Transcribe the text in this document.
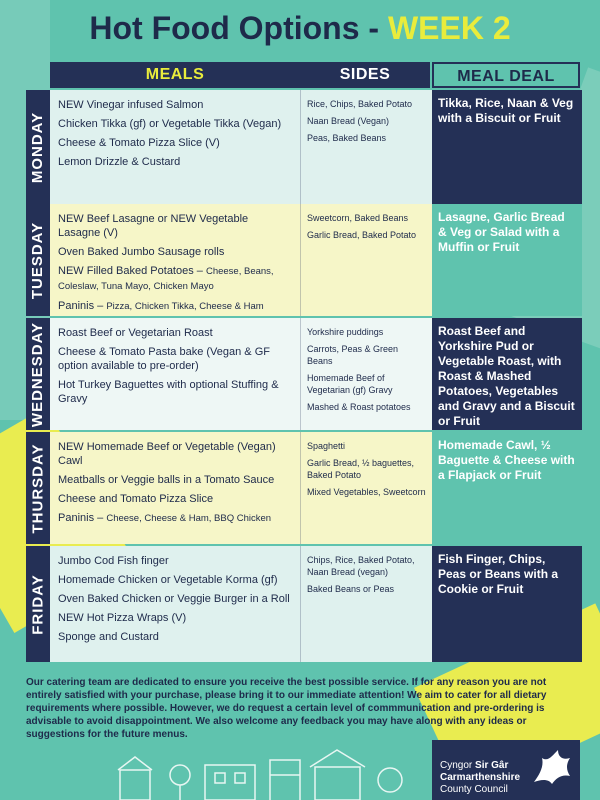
Hot Food Options - WEEK 2
MEALS	SIDES	MEAL DEAL
MONDAY

NEW Vinegar infused Salmon

Chicken Tikka (gf) or Vegetable Tikka (Vegan)

Cheese & Tomato Pizza Slice (V)

Lemon Drizzle & Custard

Rice, Chips, Baked Potato

Naan Bread (Vegan)

Peas, Baked Beans

Tikka, Rice, Naan & Veg with a Biscuit or Fruit
TUESDAY

NEW Beef Lasagne or NEW Vegetable Lasagne (V)

Oven Baked Jumbo Sausage rolls

NEW Filled Baked Potatoes – Cheese, Beans, Coleslaw, Tuna Mayo, Chicken Mayo

Paninis – Pizza, Chicken Tikka, Cheese & Ham

Sweetcorn, Baked Beans

Garlic Bread, Baked Potato

Lasagne, Garlic Bread & Veg or Salad with a Muffin or Fruit
WEDNESDAY Roast Beef or Vegetarian Roast

Cheese & Tomato Pasta bake (Vegan & GF option available to pre-order)

Hot Turkey Baguettes with optional Stuffing & Gravy

Yorkshire puddings

Carrots, Peas & Green Beans

Homemade Beef of Vegetarian (gf) Gravy

Mashed & Roast potatoes

Roast Beef and Yorkshire Pud or Vegetable Roast, with Roast & Mashed Potatoes, Vegetables and Gravy and a Biscuit or Fruit
THURSDAY NEW Homemade Beef or Vegetable (Vegan) Cawl

Meatballs or Veggie balls in a Tomato Sauce

Cheese and Tomato Pizza Slice

Paninis – Cheese, Cheese & Ham, BBQ Chicken

Spaghetti

Garlic Bread, ½ baguettes, Baked Potato

Mixed Vegetables, Sweetcorn

Homemade Cawl, ½ Baguette & Cheese with a Flapjack or Fruit
FRIDAY

Jumbo Cod Fish finger

Homemade Chicken or Vegetable Korma (gf)

Oven Baked Chicken or Veggie Burger in a Roll

NEW Hot Pizza Wraps (V)

Sponge and Custard

Chips, Rice, Baked Potato, Naan Bread (vegan)

Baked Beans or Peas

Fish Finger, Chips, Peas or Beans with a Cookie or Fruit

Our catering team are dedicated to ensure you receive the best possible service. If for any reason you are not entirely satisfied with your purchase, please bring it to our immediate attention! We aim to cater for all dietary requirements where possible. However, we do request a certain level of commmunication and pre-ordering is advisable to avoid disappointment. We also welcome any feedback you may have along with any ideas or suggestions for the future menus.

Cyngor Sir Gâr
Carmarthenshire
County Council
